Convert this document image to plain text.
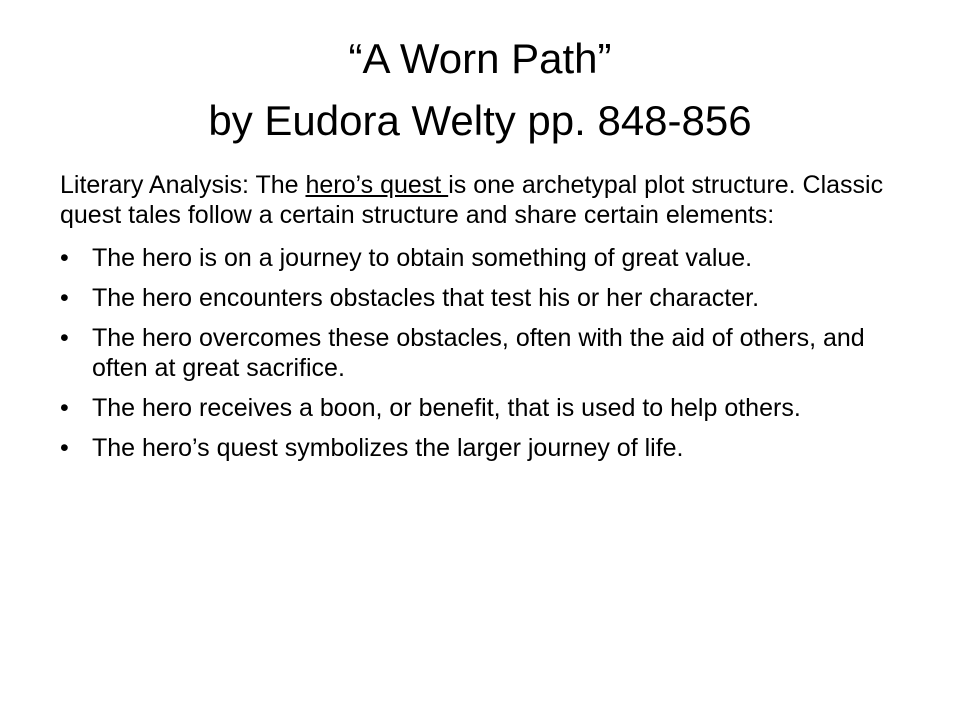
“A Worn Path”
by Eudora Welty pp. 848-856

Literary Analysis: The hero’s quest is one archetypal plot structure. Classic quest tales follow a certain structure and share certain elements:

• The hero is on a journey to obtain something of great value.
• The hero encounters obstacles that test his or her character.
• The hero overcomes these obstacles, often with the aid of others, and often at great sacrifice.
• The hero receives a boon, or benefit, that is used to help others.
• The hero’s quest symbolizes the larger journey of life.
